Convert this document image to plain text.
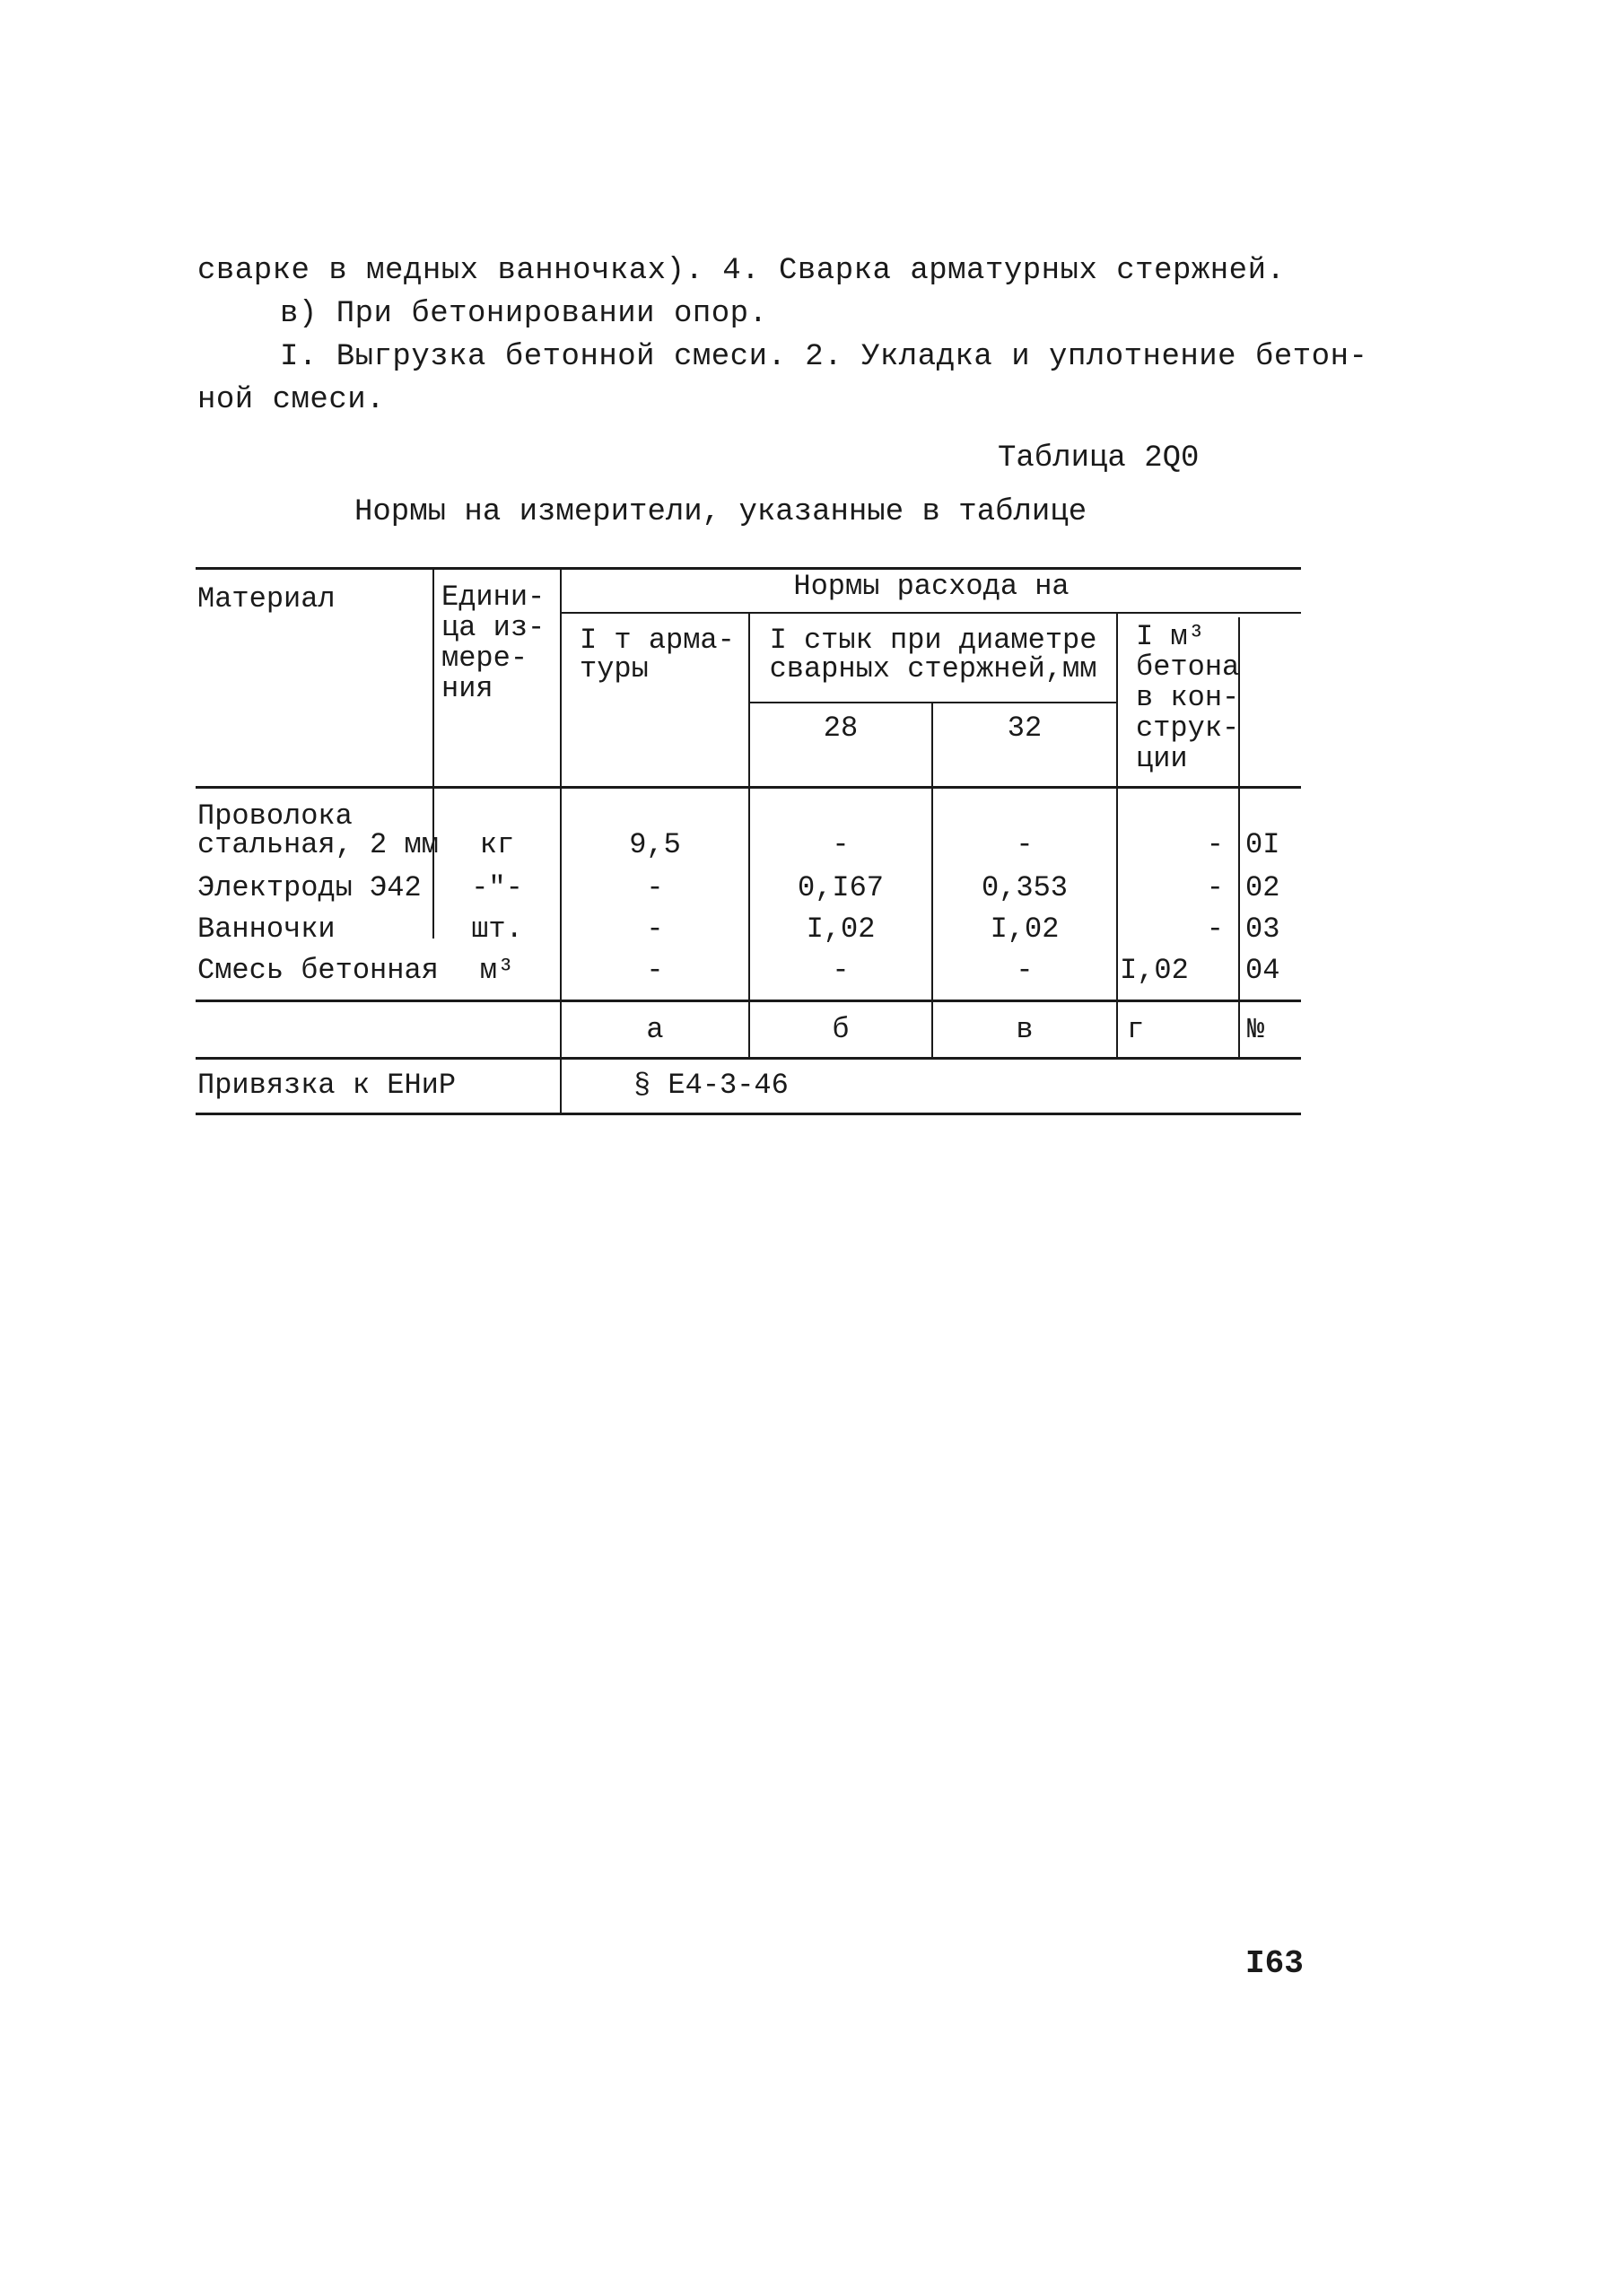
сварке в медных ванночках). 4. Сварка арматурных стержней.
в) При бетонировании опор.
I. Выгрузка бетонной смеси. 2. Укладка и уплотнение бетон-
ной смеси.
Таблица 2Q0
Нормы на измерители, указанные в таблице
Материал	Едини-
ца из-
мере-
ния
Нормы расхода на
I т арма-
туры
I стык при диаметре
сварных стержней,мм
28	32
I м³
бетона
в кон-
струк-
ции
Проволока
стальная, 2 мм	кг	9,5	-	-	- 0I
Электроды Э42	-"-	-	0,I67	0,353	- 02
Ванночки	шт.	-	I,02	I,02	- 03
Смесь бетонная	м³	-	-	-	I,02 04
а	б	в	г	№
Привязка к ЕНиР	§ Е4-3-46
I63
